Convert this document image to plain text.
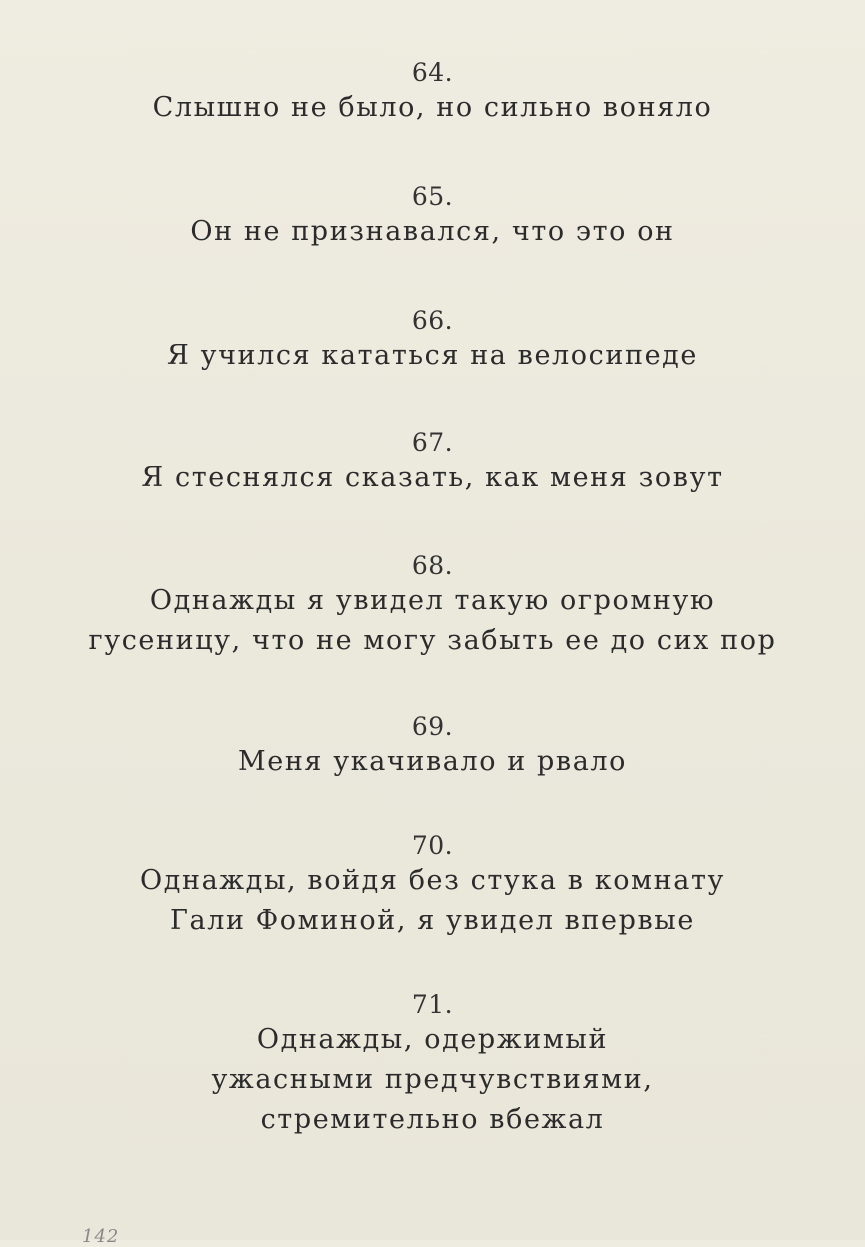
64.
Слышно не было, но сильно воняло
65.
Он не признавался, что это он
66.
Я учился кататься на велосипеде
67.
Я стеснялся сказать, как меня зовут
68.
Однажды я увидел такую огромную
гусеницу, что не могу забыть ее до сих пор
69.
Меня укачивало и рвало
70.
Однажды, войдя без стука в комнату
Гали Фоминой, я увидел впервые
71.
Однажды, одержимый
ужасными предчувствиями,
стремительно вбежал
142
